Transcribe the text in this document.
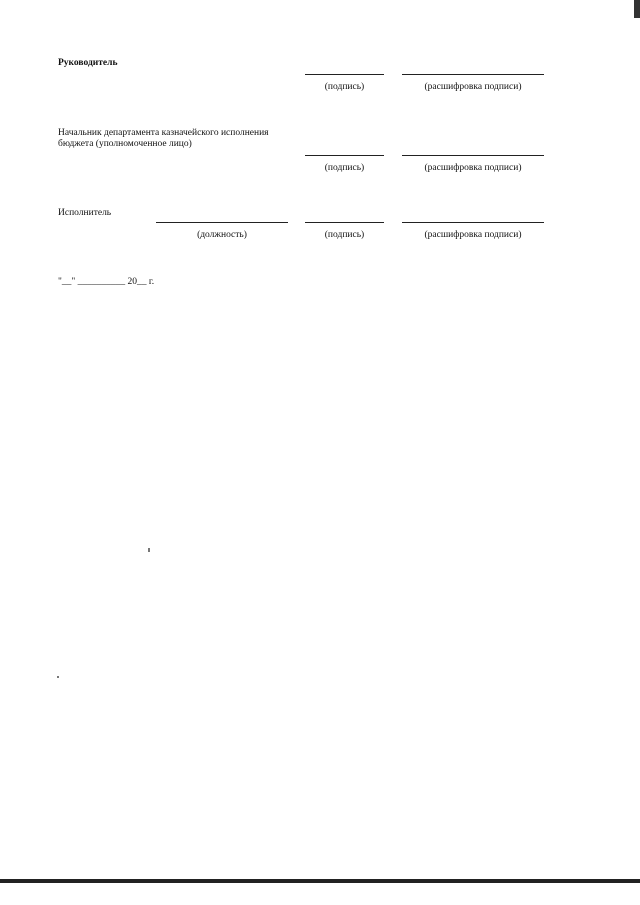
Руководитель
(подпись)	(расшифровка подписи)
Начальник департамента казначейского исполнения
бюджета (уполномоченное лицо)
(подпись)	(расшифровка подписи)
Исполнитель
(должность)	(подпись)	(расшифровка подписи)
"__" __________ 20__ г.
